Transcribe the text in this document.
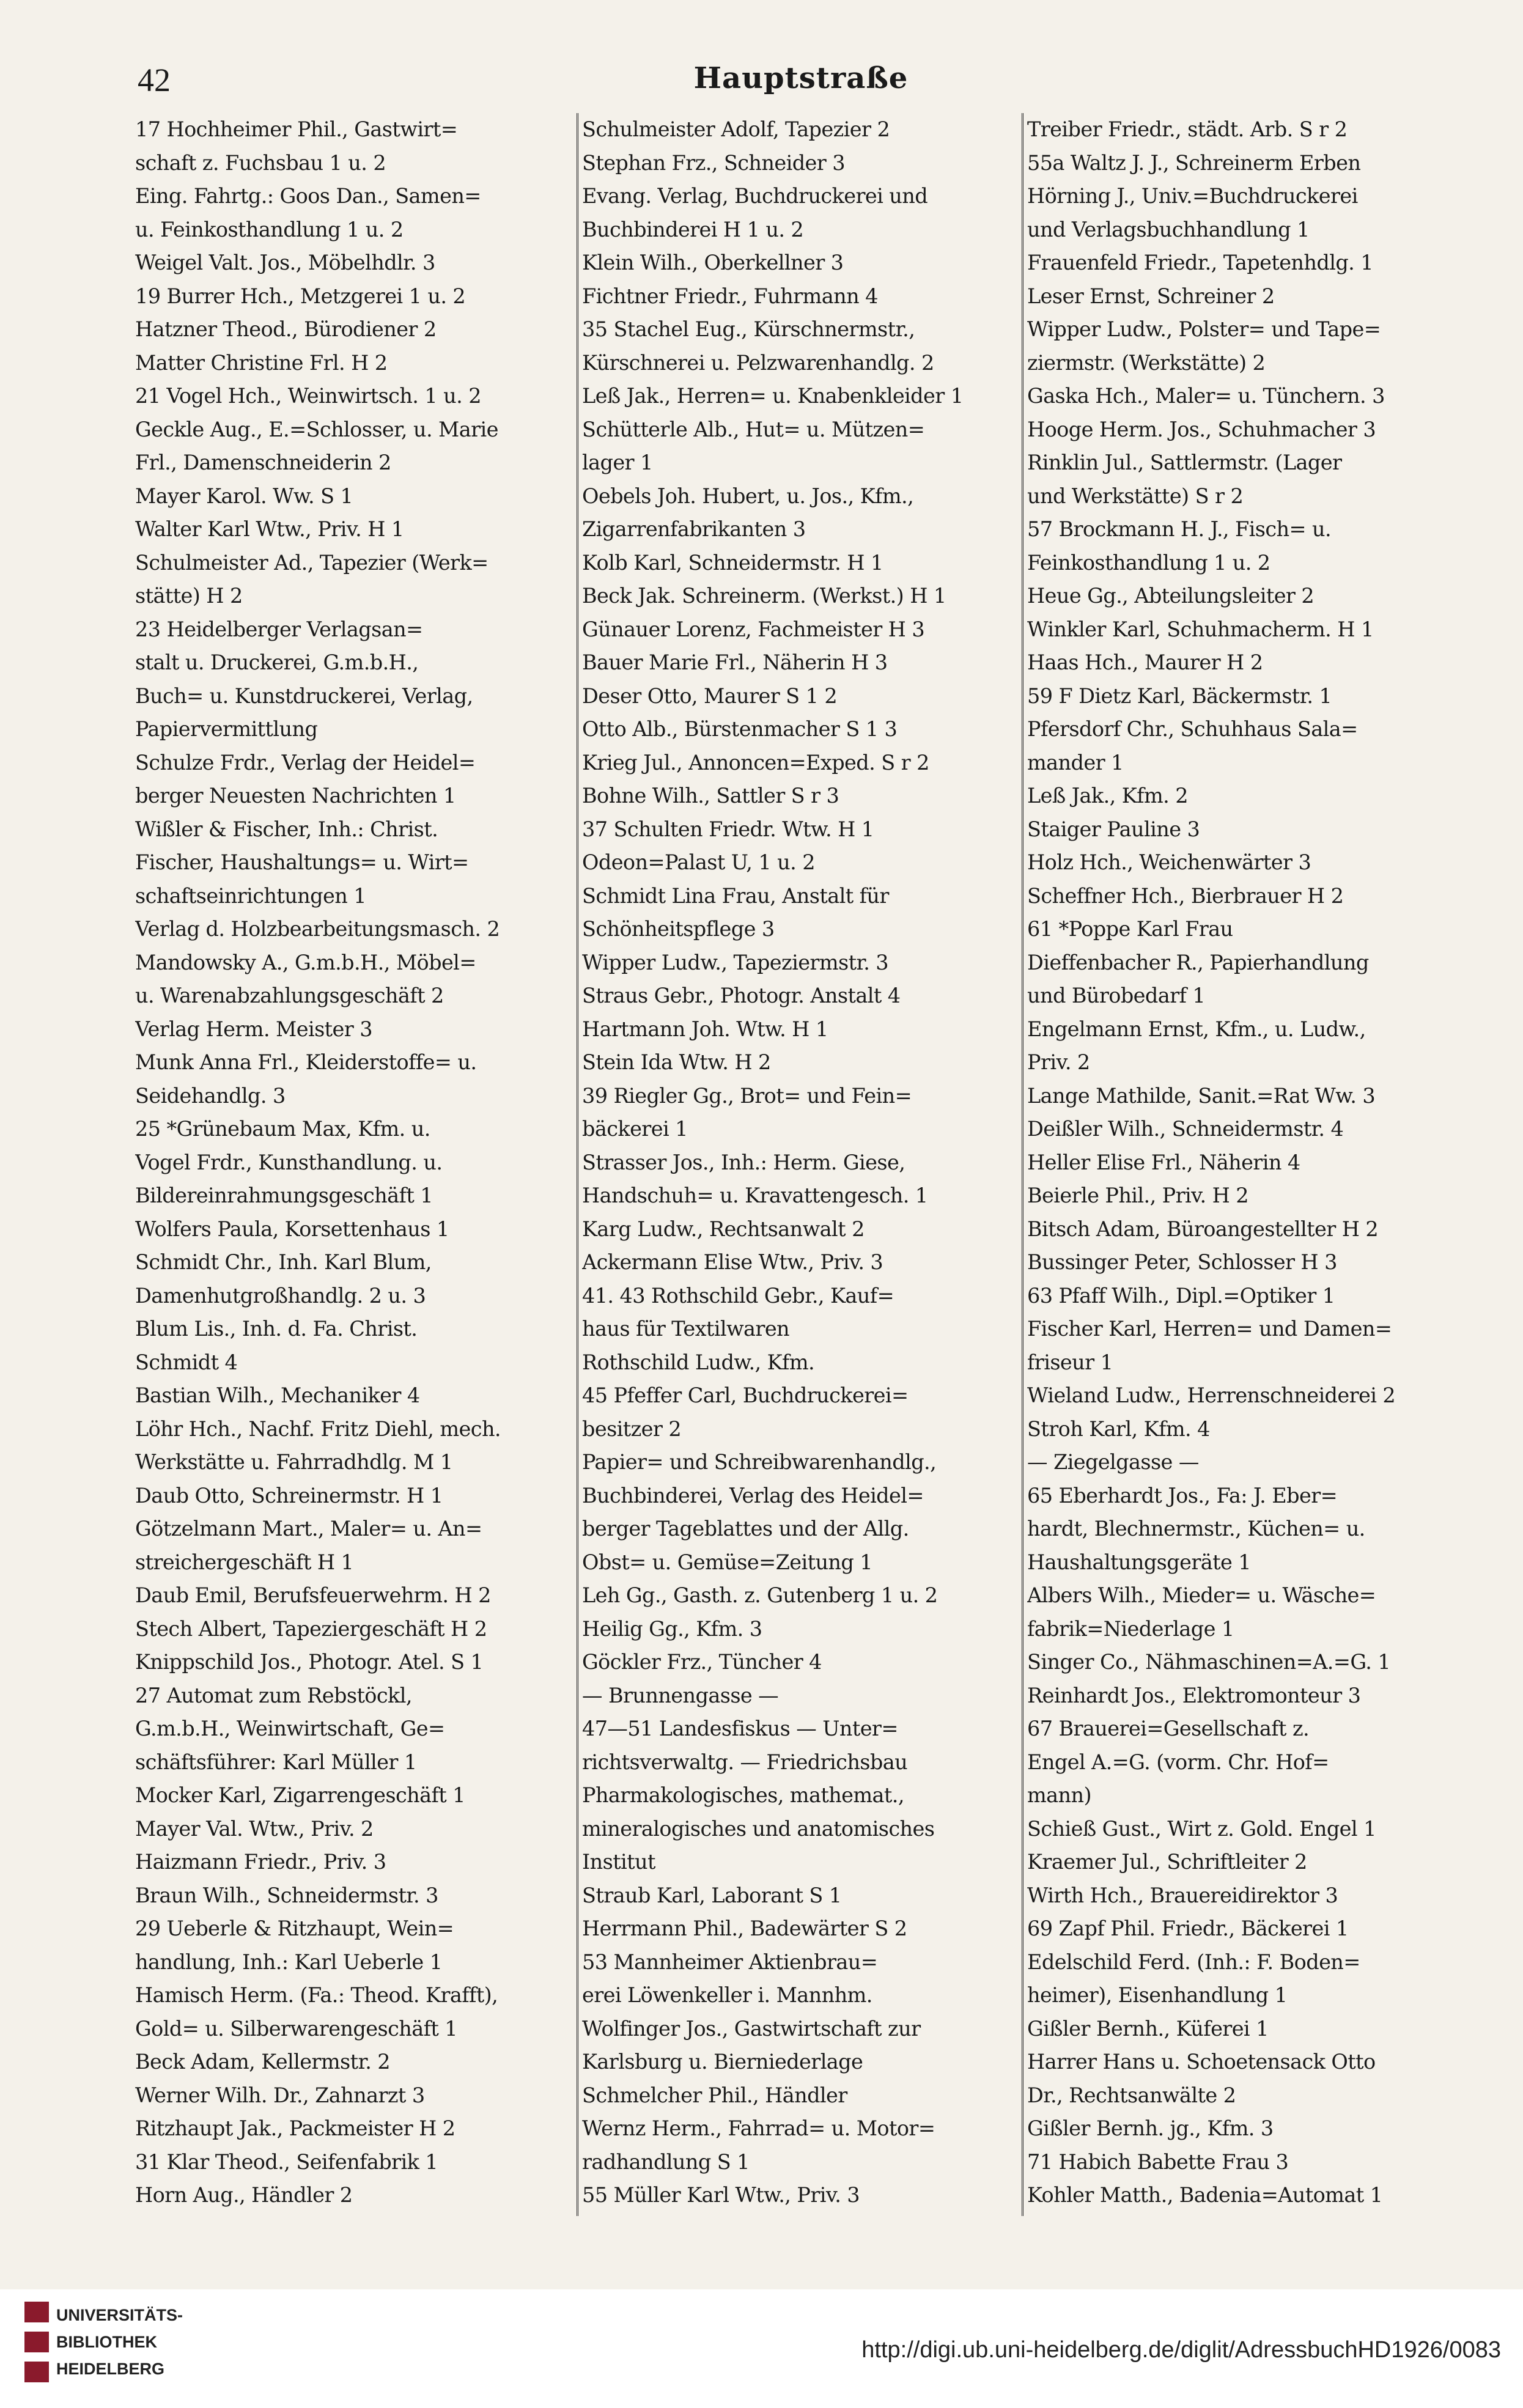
42	Hauptstraße
17 Hochheimer Phil., Gastwirt=
schaft z. Fuchsbau 1 u. 2
Eing. Fahrtg.: Goos Dan., Samen=
u. Feinkosthandlung 1 u. 2
Weigel Valt. Jos., Möbelhdlr. 3
19 Burrer Hch., Metzgerei 1 u. 2
Hatzner Theod., Bürodiener 2
Matter Christine Frl. H 2
21 Vogel Hch., Weinwirtsch. 1 u. 2
Geckle Aug., E.=Schlosser, u. Marie
Frl., Damenschneiderin 2
Mayer Karol. Ww. S 1
Walter Karl Wtw., Priv. H 1
Schulmeister Ad., Tapezier (Werk=
stätte) H 2
23 Heidelberger Verlagsan=
stalt u. Druckerei, G.m.b.H.,
Buch= u. Kunstdruckerei, Verlag,
Papiervermittlung
Schulze Frdr., Verlag der Heidel=
berger Neuesten Nachrichten 1
Wißler & Fischer, Inh.: Christ.
Fischer, Haushaltungs= u. Wirt=
schaftseinrichtungen 1
Verlag d. Holzbearbeitungsmasch. 2
Mandowsky A., G.m.b.H., Möbel=
u. Warenabzahlungsgeschäft 2
Verlag Herm. Meister 3
Munk Anna Frl., Kleiderstoffe= u.
Seidehandlg. 3
25 *Grünebaum Max, Kfm. u.
Vogel Frdr., Kunsthandlung. u.
Bildereinrahmungsgeschäft 1
Wolfers Paula, Korsettenhaus 1
Schmidt Chr., Inh. Karl Blum,
Damenhutgroßhandlg. 2 u. 3
Blum Lis., Inh. d. Fa. Christ.
Schmidt 4
Bastian Wilh., Mechaniker 4
Löhr Hch., Nachf. Fritz Diehl, mech.
Werkstätte u. Fahrradhdlg. M 1
Daub Otto, Schreinermstr. H 1
Götzelmann Mart., Maler= u. An=
streichergeschäft H 1
Daub Emil, Berufsfeuerwehrm. H 2
Stech Albert, Tapeziergeschäft H 2
Knippschild Jos., Photogr. Atel. S 1
27 Automat zum Rebstöckl,
G.m.b.H., Weinwirtschaft, Ge=
schäftsführer: Karl Müller 1
Mocker Karl, Zigarrengeschäft 1
Mayer Val. Wtw., Priv. 2
Haizmann Friedr., Priv. 3
Braun Wilh., Schneidermstr. 3
29 Ueberle & Ritzhaupt, Wein=
handlung, Inh.: Karl Ueberle 1
Hamisch Herm. (Fa.: Theod. Krafft),
Gold= u. Silberwarengeschäft 1
Beck Adam, Kellermstr. 2
Werner Wilh. Dr., Zahnarzt 3
Ritzhaupt Jak., Packmeister H 2
31 Klar Theod., Seifenfabrik 1
Horn Aug., Händler 2
Schulmeister Adolf, Tapezier 2
Stephan Frz., Schneider 3
Evang. Verlag, Buchdruckerei und
Buchbinderei H 1 u. 2
Klein Wilh., Oberkellner 3
Fichtner Friedr., Fuhrmann 4
35 Stachel Eug., Kürschnermstr.,
Kürschnerei u. Pelzwarenhandlg. 2
Leß Jak., Herren= u. Knabenkleider 1
Schütterle Alb., Hut= u. Mützen=
lager 1
Oebels Joh. Hubert, u. Jos., Kfm.,
Zigarrenfabrikanten 3
Kolb Karl, Schneidermstr. H 1
Beck Jak. Schreinerm. (Werkst.) H 1
Günauer Lorenz, Fachmeister H 3
Bauer Marie Frl., Näherin H 3
Deser Otto, Maurer S 1 2
Otto Alb., Bürstenmacher S 1 3
Krieg Jul., Annoncen=Exped. S r 2
Bohne Wilh., Sattler S r 3
37 Schulten Friedr. Wtw. H 1
Odeon=Palast U, 1 u. 2
Schmidt Lina Frau, Anstalt für
Schönheitspflege 3
Wipper Ludw., Tapeziermstr. 3
Straus Gebr., Photogr. Anstalt 4
Hartmann Joh. Wtw. H 1
Stein Ida Wtw. H 2
39 Riegler Gg., Brot= und Fein=
bäckerei 1
Strasser Jos., Inh.: Herm. Giese,
Handschuh= u. Kravattengesch. 1
Karg Ludw., Rechtsanwalt 2
Ackermann Elise Wtw., Priv. 3
41. 43 Rothschild Gebr., Kauf=
haus für Textilwaren
Rothschild Ludw., Kfm.
45 Pfeffer Carl, Buchdruckerei=
besitzer 2
Papier= und Schreibwarenhandlg.,
Buchbinderei, Verlag des Heidel=
berger Tageblattes und der Allg.
Obst= u. Gemüse=Zeitung 1
Leh Gg., Gasth. z. Gutenberg 1 u. 2
Heilig Gg., Kfm. 3
Göckler Frz., Tüncher 4
— Brunnengasse —
47—51 Landesfiskus — Unter=
richtsverwaltg. — Friedrichsbau
Pharmakologisches, mathemat.,
mineralogisches und anatomisches
Institut
Straub Karl, Laborant S 1
Herrmann Phil., Badewärter S 2
53 Mannheimer Aktienbrau=
erei Löwenkeller i. Mannhm.
Wolfinger Jos., Gastwirtschaft zur
Karlsburg u. Bierniederlage
Schmelcher Phil., Händler
Wernz Herm., Fahrrad= u. Motor=
radhandlung S 1
55 Müller Karl Wtw., Priv. 3
Treiber Friedr., städt. Arb. S r 2
55a Waltz J. J., Schreinerm Erben
Hörning J., Univ.=Buchdruckerei
und Verlagsbuchhandlung 1
Frauenfeld Friedr., Tapetenhdlg. 1
Leser Ernst, Schreiner 2
Wipper Ludw., Polster= und Tape=
ziermstr. (Werkstätte) 2
Gaska Hch., Maler= u. Tünchern. 3
Hooge Herm. Jos., Schuhmacher 3
Rinklin Jul., Sattlermstr. (Lager
und Werkstätte) S r 2
57 Brockmann H. J., Fisch= u.
Feinkosthandlung 1 u. 2
Heue Gg., Abteilungsleiter 2
Winkler Karl, Schuhmacherm. H 1
Haas Hch., Maurer H 2
59 F Dietz Karl, Bäckermstr. 1
Pfersdorf Chr., Schuhhaus Sala=
mander 1
Leß Jak., Kfm. 2
Staiger Pauline 3
Holz Hch., Weichenwärter 3
Scheffner Hch., Bierbrauer H 2
61 *Poppe Karl Frau
Dieffenbacher R., Papierhandlung
und Bürobedarf 1
Engelmann Ernst, Kfm., u. Ludw.,
Priv. 2
Lange Mathilde, Sanit.=Rat Ww. 3
Deißler Wilh., Schneidermstr. 4
Heller Elise Frl., Näherin 4
Beierle Phil., Priv. H 2
Bitsch Adam, Büroangestellter H 2
Bussinger Peter, Schlosser H 3
63 Pfaff Wilh., Dipl.=Optiker 1
Fischer Karl, Herren= und Damen=
friseur 1
Wieland Ludw., Herrenschneiderei 2
Stroh Karl, Kfm. 4
— Ziegelgasse —
65 Eberhardt Jos., Fa: J. Eber=
hardt, Blechnermstr., Küchen= u.
Haushaltungsgeräte 1
Albers Wilh., Mieder= u. Wäsche=
fabrik=Niederlage 1
Singer Co., Nähmaschinen=A.=G. 1
Reinhardt Jos., Elektromonteur 3
67 Brauerei=Gesellschaft z.
Engel A.=G. (vorm. Chr. Hof=
mann)
Schieß Gust., Wirt z. Gold. Engel 1
Kraemer Jul., Schriftleiter 2
Wirth Hch., Brauereidirektor 3
69 Zapf Phil. Friedr., Bäckerei 1
Edelschild Ferd. (Inh.: F. Boden=
heimer), Eisenhandlung 1
Gißler Bernh., Küferei 1
Harrer Hans u. Schoetensack Otto
Dr., Rechtsanwälte 2
Gißler Bernh. jg., Kfm. 3
71 Habich Babette Frau 3
Kohler Matth., Badenia=Automat 1
UNIVERSITÄTS-
BIBLIOTHEK
HEIDELBERG
http://digi.ub.uni-heidelberg.de/diglit/AdressbuchHD1926/0083
